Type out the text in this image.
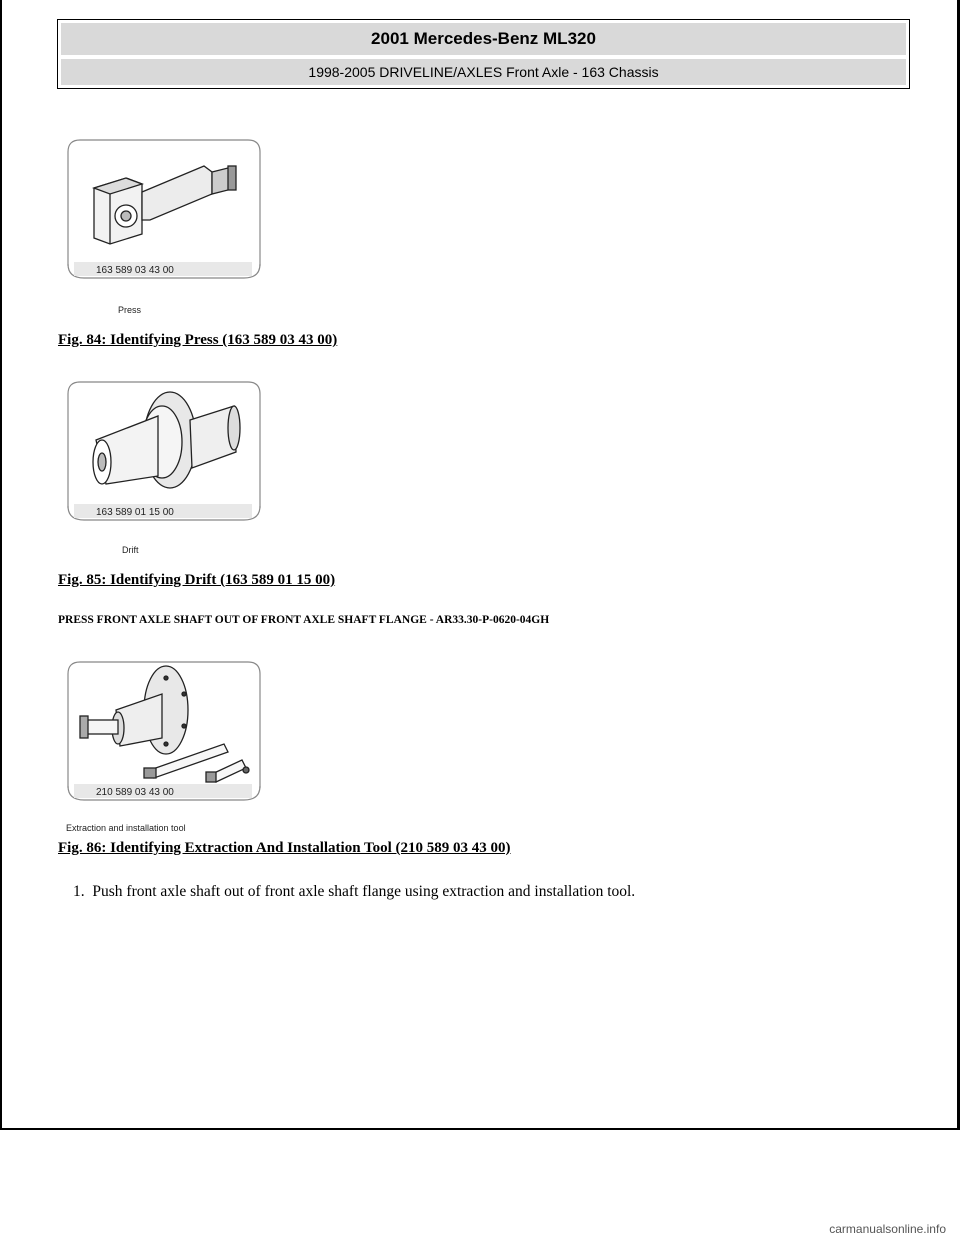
2001 Mercedes-Benz ML320
1998-2005 DRIVELINE/AXLES Front Axle - 163 Chassis
163 589 03 43 00
Press
Fig. 84: Identifying Press (163 589 03 43 00)
163 589 01 15 00
Drift
Fig. 85: Identifying Drift (163 589 01 15 00)
PRESS FRONT AXLE SHAFT OUT OF FRONT AXLE SHAFT FLANGE - AR33.30-P-0620-04GH
210 589 03 43 00
Extraction and installation tool
Fig. 86: Identifying Extraction And Installation Tool (210 589 03 43 00)
1. Push front axle shaft out of front axle shaft flange using extraction and installation tool.
carmanualsonline.info
